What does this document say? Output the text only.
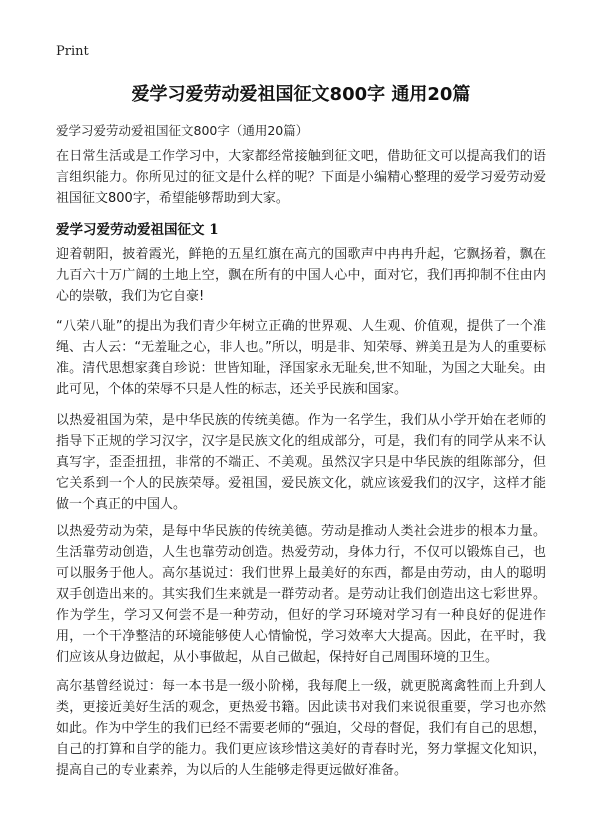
Print
爱学习爱劳动爱祖国征文800字 通用20篇
爱学习爱劳动爱祖国征文800字（通用20篇）
在日常生活或是工作学习中，大家都经常接触到征文吧，借助征文可以提高我们的语言组织能力。你所见过的征文是什么样的呢？下面是小编精心整理的爱学习爱劳动爱祖国征文800字，希望能够帮助到大家。
爱学习爱劳动爱祖国征文 1
迎着朝阳，披着霞光，鲜艳的五星红旗在高亢的国歌声中冉冉升起，它飘扬着，飘在九百六十万广阔的土地上空，飘在所有的中国人心中，面对它，我们再抑制不住由内心的崇敬，我们为它自豪!
“八荣八耻”的提出为我们青少年树立正确的世界观、人生观、价值观，提供了一个准绳、古人云：“无羞耻之心，非人也。”所以，明是非、知荣辱、辨美丑是为人的重要标准。清代思想家龚自珍说：世皆知耻，泽国家永无耻矣,世不知耻，为国之大耻矣。由此可见，个体的荣辱不只是人性的标志，还关乎民族和国家。
以热爱祖国为荣，是中华民族的传统美德。作为一名学生，我们从小学开始在老师的指导下正规的学习汉字，汉字是民族文化的组成部分，可是，我们有的同学从来不认真写字，歪歪扭扭，非常的不端正、不美观。虽然汉字只是中华民族的组陈部分，但它关系到一个人的民族荣辱。爱祖国，爱民族文化，就应该爱我们的汉字，这样才能做一个真正的中国人。
以热爱劳动为荣，是每中华民族的传统美德。劳动是推动人类社会进步的根本力量。生活靠劳动创造，人生也靠劳动创造。热爱劳动，身体力行，不仅可以锻炼自己，也可以服务于他人。高尔基说过：我们世界上最美好的东西，都是由劳动，由人的聪明双手创造出来的。其实我们生来就是一群劳动者。是劳动让我们创造出这七彩世界。作为学生，学习又何尝不是一种劳动，但好的学习环境对学习有一种良好的促进作用，一个干净整洁的环境能够使人心情愉悦，学习效率大大提高。因此，在平时，我们应该从身边做起，从小事做起，从自己做起，保持好自己周围环境的卫生。
高尔基曾经说过：每一本书是一级小阶梯，我每爬上一级，就更脱离禽牲而上升到人类，更接近美好生活的观念，更热爱书籍。因此读书对我们来说很重要，学习也亦然如此。作为中学生的我们已经不需要老师的“强迫，父母的督促，我们有自己的思想，自己的打算和自学的能力。我们更应该珍惜这美好的青春时光，努力掌握文化知识，提高自己的专业素养，为以后的人生能够走得更远做好准备。
